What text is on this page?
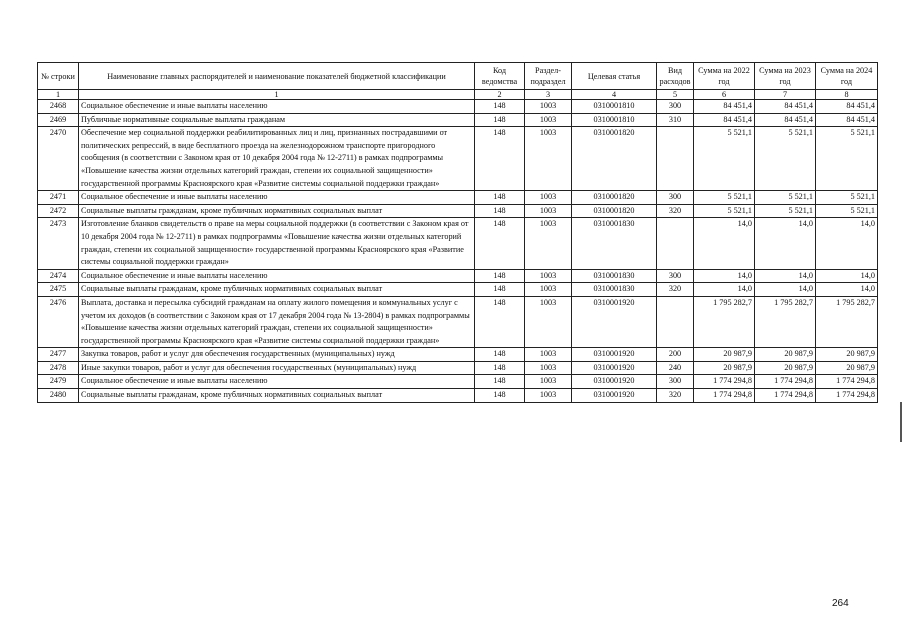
№ строки	Наименование главных распорядителей и наименование показателей бюджетной классификации	Код ведомства	Раздел- подраздел	Целевая статья	Вид расходов	Сумма на 2022 год	Сумма на 2023 год	Сумма на 2024 год
1	1	2	3	4	5	6	7	8
2468	Социальное обеспечение и иные выплаты населению	148	1003	0310001810	300	84 451,4	84 451,4	84 451,4
2469	Публичные нормативные социальные выплаты гражданам	148	1003	0310001810	310	84 451,4	84 451,4	84 451,4
2470	Обеспечение мер социальной поддержки реабилитированных лиц и лиц, признанных пострадавшими от политических репрессий, в виде бесплатного проезда на железнодорожном транспорте пригородного сообщения (в соответствии с Законом края от 10 декабря 2004 года № 12-2711) в рамках подпрограммы «Повышение качества жизни отдельных категорий граждан, степени их социальной защищенности» государственной программы Красноярского края «Развитие системы социальной поддержки граждан»	148	1003	0310001820		5 521,1	5 521,1	5 521,1
2471	Социальное обеспечение и иные выплаты населению	148	1003	0310001820	300	5 521,1	5 521,1	5 521,1
2472	Социальные выплаты гражданам, кроме публичных нормативных социальных выплат	148	1003	0310001820	320	5 521,1	5 521,1	5 521,1
2473	Изготовление бланков свидетельств о праве на меры социальной поддержки (в соответствии с Законом края от 10 декабря 2004 года № 12-2711) в рамках подпрограммы «Повышение качества жизни отдельных категорий граждан, степени их социальной защищенности» государственной программы Красноярского края «Развитие системы социальной поддержки граждан»	148	1003	0310001830		14,0	14,0	14,0
2474	Социальное обеспечение и иные выплаты населению	148	1003	0310001830	300	14,0	14,0	14,0
2475	Социальные выплаты гражданам, кроме публичных нормативных социальных выплат	148	1003	0310001830	320	14,0	14,0	14,0
2476	Выплата, доставка и пересылка субсидий гражданам на оплату жилого помещения и коммунальных услуг с учетом их доходов (в соответствии с Законом края от 17 декабря 2004 года № 13-2804) в рамках подпрограммы «Повышение качества жизни отдельных категорий граждан, степени их социальной защищенности» государственной программы Красноярского края «Развитие системы социальной поддержки граждан»	148	1003	0310001920		1 795 282,7	1 795 282,7	1 795 282,7
2477	Закупка товаров, работ и услуг для обеспечения государственных (муниципальных) нужд	148	1003	0310001920	200	20 987,9	20 987,9	20 987,9
2478	Иные закупки товаров, работ и услуг для обеспечения государственных (муниципальных) нужд	148	1003	0310001920	240	20 987,9	20 987,9	20 987,9
2479	Социальное обеспечение и иные выплаты населению	148	1003	0310001920	300	1 774 294,8	1 774 294,8	1 774 294,8
2480	Социальные выплаты гражданам, кроме публичных нормативных социальных выплат	148	1003	0310001920	320	1 774 294,8	1 774 294,8	1 774 294,8
264
